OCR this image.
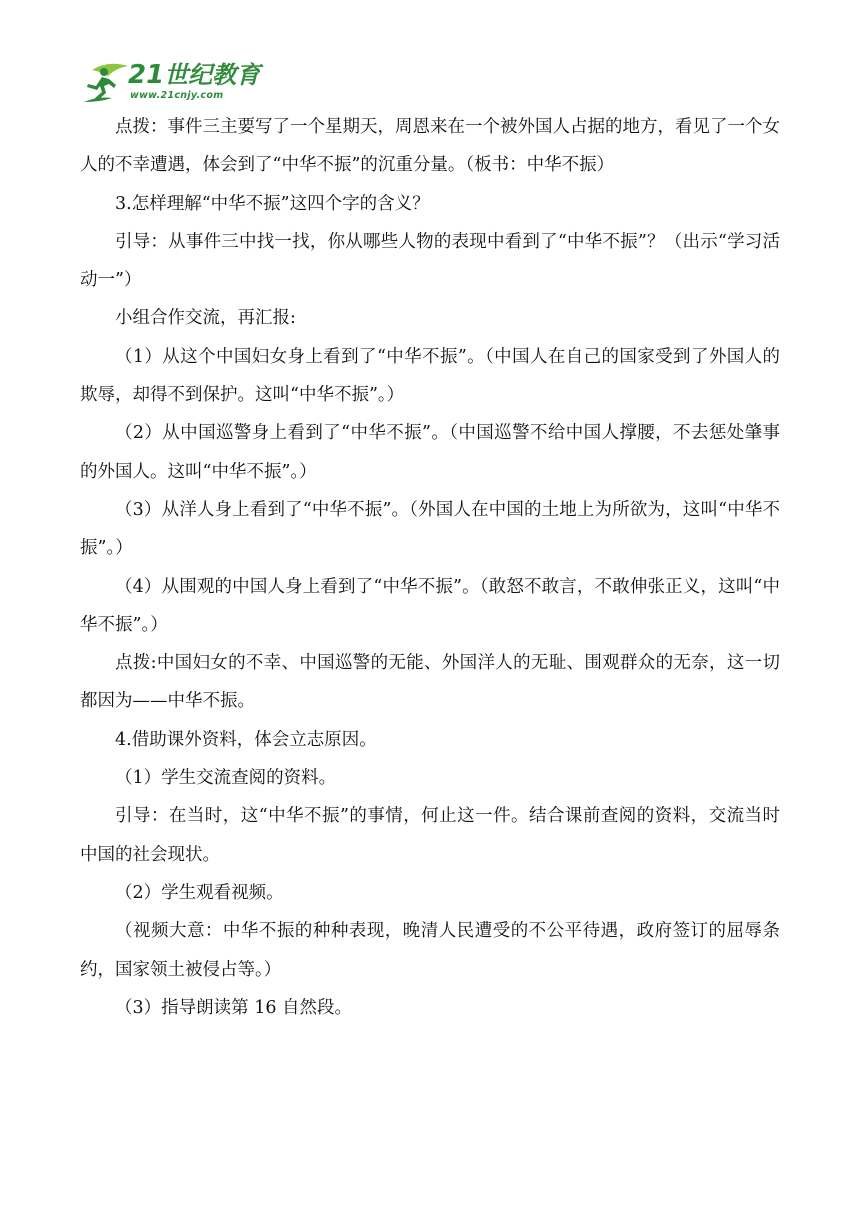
21世纪教育
www.21cnjy.com

点拨：事件三主要写了一个星期天，周恩来在一个被外国人占据的地方，看见了一个女人的不幸遭遇，体会到了“中华不振”的沉重分量。（板书：中华不振）

3.怎样理解“中华不振”这四个字的含义？

引导：从事件三中找一找，你从哪些人物的表现中看到了“中华不振”？（出示“学习活动一”）

小组合作交流，再汇报:

（1）从这个中国妇女身上看到了“中华不振”。（中国人在自己的国家受到了外国人的欺辱，却得不到保护。这叫“中华不振”。）

（2）从中国巡警身上看到了“中华不振”。（中国巡警不给中国人撑腰，不去惩处肇事的外国人。这叫“中华不振”。）

（3）从洋人身上看到了“中华不振”。（外国人在中国的土地上为所欲为，这叫“中华不振”。）

（4）从围观的中国人身上看到了“中华不振”。（敢怒不敢言，不敢伸张正义，这叫“中华不振”。）

点拨:中国妇女的不幸、中国巡警的无能、外国洋人的无耻、围观群众的无奈，这一切都因为——中华不振。

4.借助课外资料，体会立志原因。

（1）学生交流查阅的资料。

引导：在当时，这“中华不振”的事情，何止这一件。结合课前查阅的资料，交流当时中国的社会现状。

（2）学生观看视频。

（视频大意：中华不振的种种表现，晚清人民遭受的不公平待遇，政府签订的屈辱条约，国家领土被侵占等。）

（3）指导朗读第 16 自然段。
